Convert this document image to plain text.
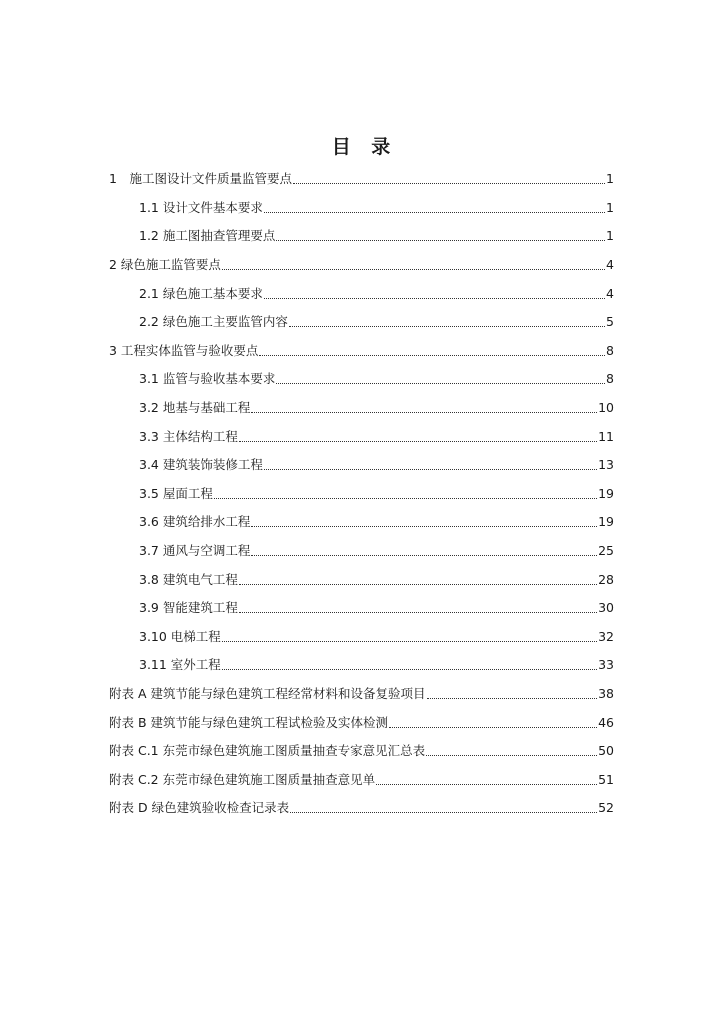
目 录
1　施工图设计文件质量监管要点	1
1.1 设计文件基本要求	1
1.2 施工图抽查管理要点	1
2 绿色施工监管要点	4
2.1 绿色施工基本要求	4
2.2 绿色施工主要监管内容	5
3 工程实体监管与验收要点	8
3.1 监管与验收基本要求	8
3.2 地基与基础工程	10
3.3 主体结构工程	11
3.4 建筑装饰装修工程	13
3.5 屋面工程	19
3.6 建筑给排水工程	19
3.7 通风与空调工程	25
3.8 建筑电气工程	28
3.9 智能建筑工程	30
3.10 电梯工程	32
3.11 室外工程	33
附表 A 建筑节能与绿色建筑工程经常材料和设备复验项目	38
附表 B 建筑节能与绿色建筑工程试检验及实体检测	46
附表 C.1 东莞市绿色建筑施工图质量抽查专家意见汇总表	50
附表 C.2 东莞市绿色建筑施工图质量抽查意见单	51
附表 D 绿色建筑验收检查记录表	52
